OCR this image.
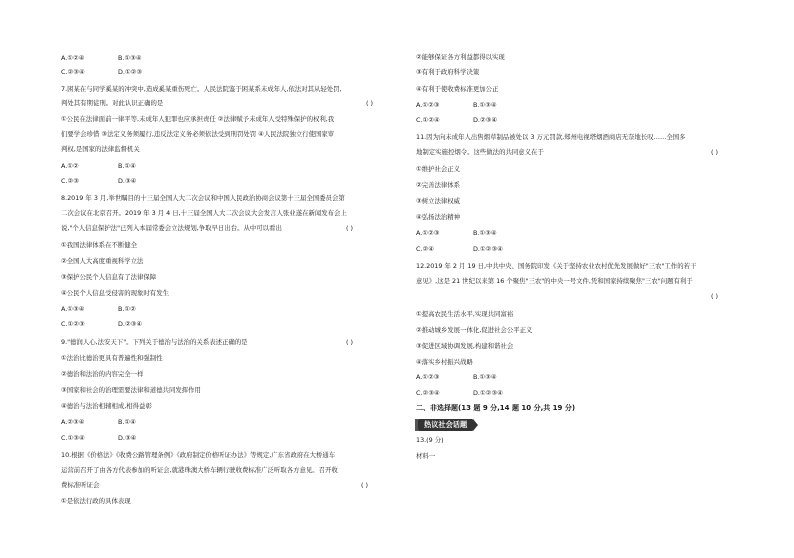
A.①②④	B.①③④
C.②③④	D.①②③
7.困某在与同学奚某的冲突中,造成奚某重伤死亡。人民法院鉴于困某系未成年人,依法对其从轻处罚,
判处其有期徒刑。对此认识正确的是	( )
①公民在法律面前一律平等,未成年人犯罪也应承担责任 ②法律赋予未成年人受特殊保护的权利,我
们要学会珍惜 ③法定义务须履行,违反法定义务必须依法受到刑罚处罚 ④人民法院独立行使国家审
判权,是国家的法律监督机关
A.①②	B.①④
C.②③	D.③④
8.2019 年 3 月,举世瞩目的十三届全国人大二次会议和中国人民政治协商会议第十三届全国委员会第
二次会议在北京召开。2019 年 3 月 4 日,十三届全国人大二次会议大会发言人张业遂在新闻发布会上
说,"个人信息保护法"已列入本届常委会立法规划,争取早日出台。从中可以看出	( )
①我国法律体系在不断健全
②全国人大高度重视科学立法
③保护公民个人信息有了法律保障
④公民个人信息受侵害的现象时有发生
A.①③④	B.①②
C.①②③	D.②③④
9."德润人心,法安天下"。下列关于德治与法治的关系表述正确的是	( )
①法治比德治更具有普遍性和强制性
②德治和法治的内容完全一样
③国家和社会的治理需要法律和道德共同发挥作用
④德治与法治相辅相成,相得益彰
A.②③④	B.①④
C.①③④	D.③④
10.根据《价格法》《收费公路管理条例》《政府制定价格听证办法》等规定,广东省政府在大桥通车
运营前召开了由各方代表参加的听证会,就港珠澳大桥车辆行驶收费标准广泛听取各方意见。召开收
费标准听证会	( )
①是依法行政的具体表现
②能够保证各方利益都得以实现
③有利于政府科学决策
④有利于使收费标准更加公正
A.①②③	B.①③④
C.①②④	D.②③④
11.因为向未成年人出售烟草制品被处以 3 万元罚款,郑州电视塔烟酒商店无奈地长叹……全国多
地制定实施控烟令。这些做法的共同意义在于	( )
①维护社会正义
②完善法律体系
③树立法律权威
④弘扬法治精神
A.①②③	B.①③④
C.②④	D.①②③④
12.2019 年 2 月 19 日,中共中央、国务院印发《关于坚持农业农村优先发展做好"三农"工作的若干
意见》,这是 21 世纪以来第 16 个聚焦"三农"的中央一号文件,凭和国家持续聚焦"三农"问题有利于
( )
①提高农民生活水平,实现共同富裕
②推动城乡发展一体化,促进社会公平正义
③促进区域协调发展,构建和谐社会
④落实乡村振兴战略
A.①②③	B.①③④
C.②③④	D.①②③④
二、非选择题(13 题 9 分,14 题 10 分,共 19 分)
热议社会话题
13.(9 分)
材料一
